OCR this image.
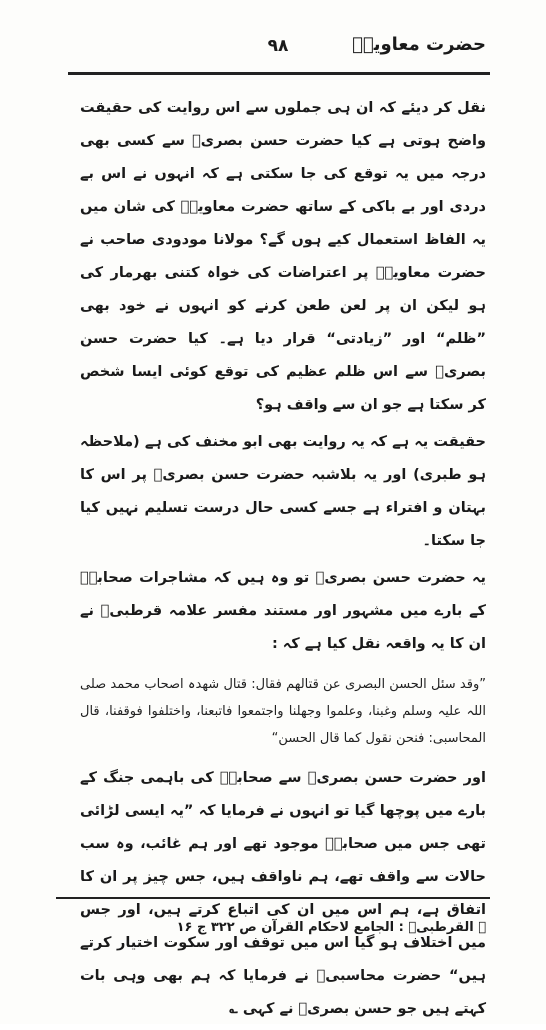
حضرت معاویہؓ
۹۸

نقل کر دیئے کہ ان ہی جملوں سے اس روایت کی حقیقت واضح ہوتی ہے کیا حضرت حسن بصریؒ سے کسی بھی درجہ میں یہ توقع کی جا سکتی ہے کہ انہوں نے اس بے دردی اور بے باکی کے ساتھ حضرت معاویہؓ کی شان میں یہ الفاظ استعمال کیے ہوں گے؟ مولانا مودودی صاحب نے حضرت معاویہؓ پر اعتراضات کی خواہ کتنی بھرمار کی ہو لیکن ان پر لعن طعن کرنے کو انہوں نے خود بھی ”ظلم“ اور ”زیادتی“ قرار دیا ہے۔ کیا حضرت حسن بصریؒ سے اس ظلم عظیم کی توقع کوئی ایسا شخص کر سکتا ہے جو ان سے واقف ہو؟

حقیقت یہ ہے کہ یہ روایت بھی ابو مخنف کی ہے (ملاحظہ ہو طبری) اور یہ بلاشبہ حضرت حسن بصریؒ پر اس کا بہتان و افتراء ہے جسے کسی حال درست تسلیم نہیں کیا جا سکتا۔

یہ حضرت حسن بصریؒ تو وہ ہیں کہ مشاجرات صحابہؓ کے بارے میں مشہور اور مستند مفسر علامہ قرطبیؒ نے ان کا یہ واقعہ نقل کیا ہے کہ :

”وقد سئل الحسن البصری عن قتالھم فقال: قتال شھدہ اصحاب محمد صلی اللہ علیہ وسلم وغبنا، وعلموا وجھلنا واجتمعوا فاتبعنا، واختلفوا فوقفنا، قال المحاسبی: فنحن نقول کما قال الحسن“

اور حضرت حسن بصریؒ سے صحابہؓ کی باہمی جنگ کے بارے میں پوچھا گیا تو انہوں نے فرمایا کہ ”یہ ایسی لڑائی تھی جس میں صحابہؓ موجود تھے اور ہم غائب، وہ سب حالات سے واقف تھے، ہم ناواقف ہیں، جس چیز پر ان کا اتفاق ہے، ہم اس میں ان کی اتباع کرتے ہیں، اور جس میں اختلاف ہو گیا اس میں توقف اور سکوت اختیار کرتے ہیں“ حضرت محاسبیؒ نے فرمایا کہ ہم بھی وہی بات کہتے ہیں جو حسن بصریؒ نے کہی ؎

؎ القرطبیؒ : الجامع لاحکام القرآن ص ۳۲۲ ج ۱۶
